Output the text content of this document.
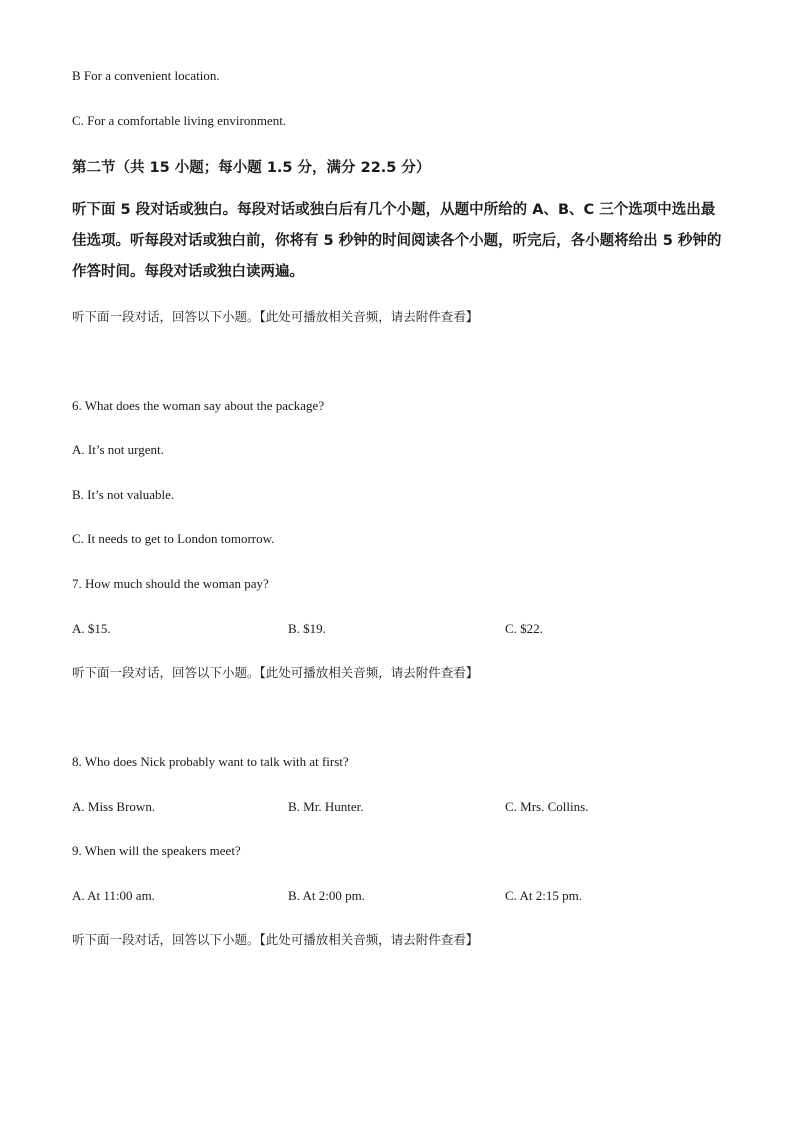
B For a convenient location.
C. For a comfortable living environment.
第二节（共 15 小题；每小题 1.5 分，满分 22.5 分）
听下面 5 段对话或独白。每段对话或独白后有几个小题，从题中所给的 A、B、C 三个选项中选出最佳选项。听每段对话或独白前，你将有 5 秒钟的时间阅读各个小题，听完后，各小题将给出 5 秒钟的作答时间。每段对话或独白读两遍。
听下面一段对话，回答以下小题。【此处可播放相关音频，请去附件查看】
6. What does the woman say about the package?
A. It’s not urgent.
B. It’s not valuable.
C. It needs to get to London tomorrow.
7. How much should the woman pay?
A. $15.	B. $19.	C. $22.
听下面一段对话，回答以下小题。【此处可播放相关音频，请去附件查看】
8. Who does Nick probably want to talk with at first?
A. Miss Brown.	B. Mr. Hunter.	C. Mrs. Collins.
9. When will the speakers meet?
A. At 11:00 am.	B. At 2:00 pm.	C. At 2:15 pm.
听下面一段对话，回答以下小题。【此处可播放相关音频，请去附件查看】
